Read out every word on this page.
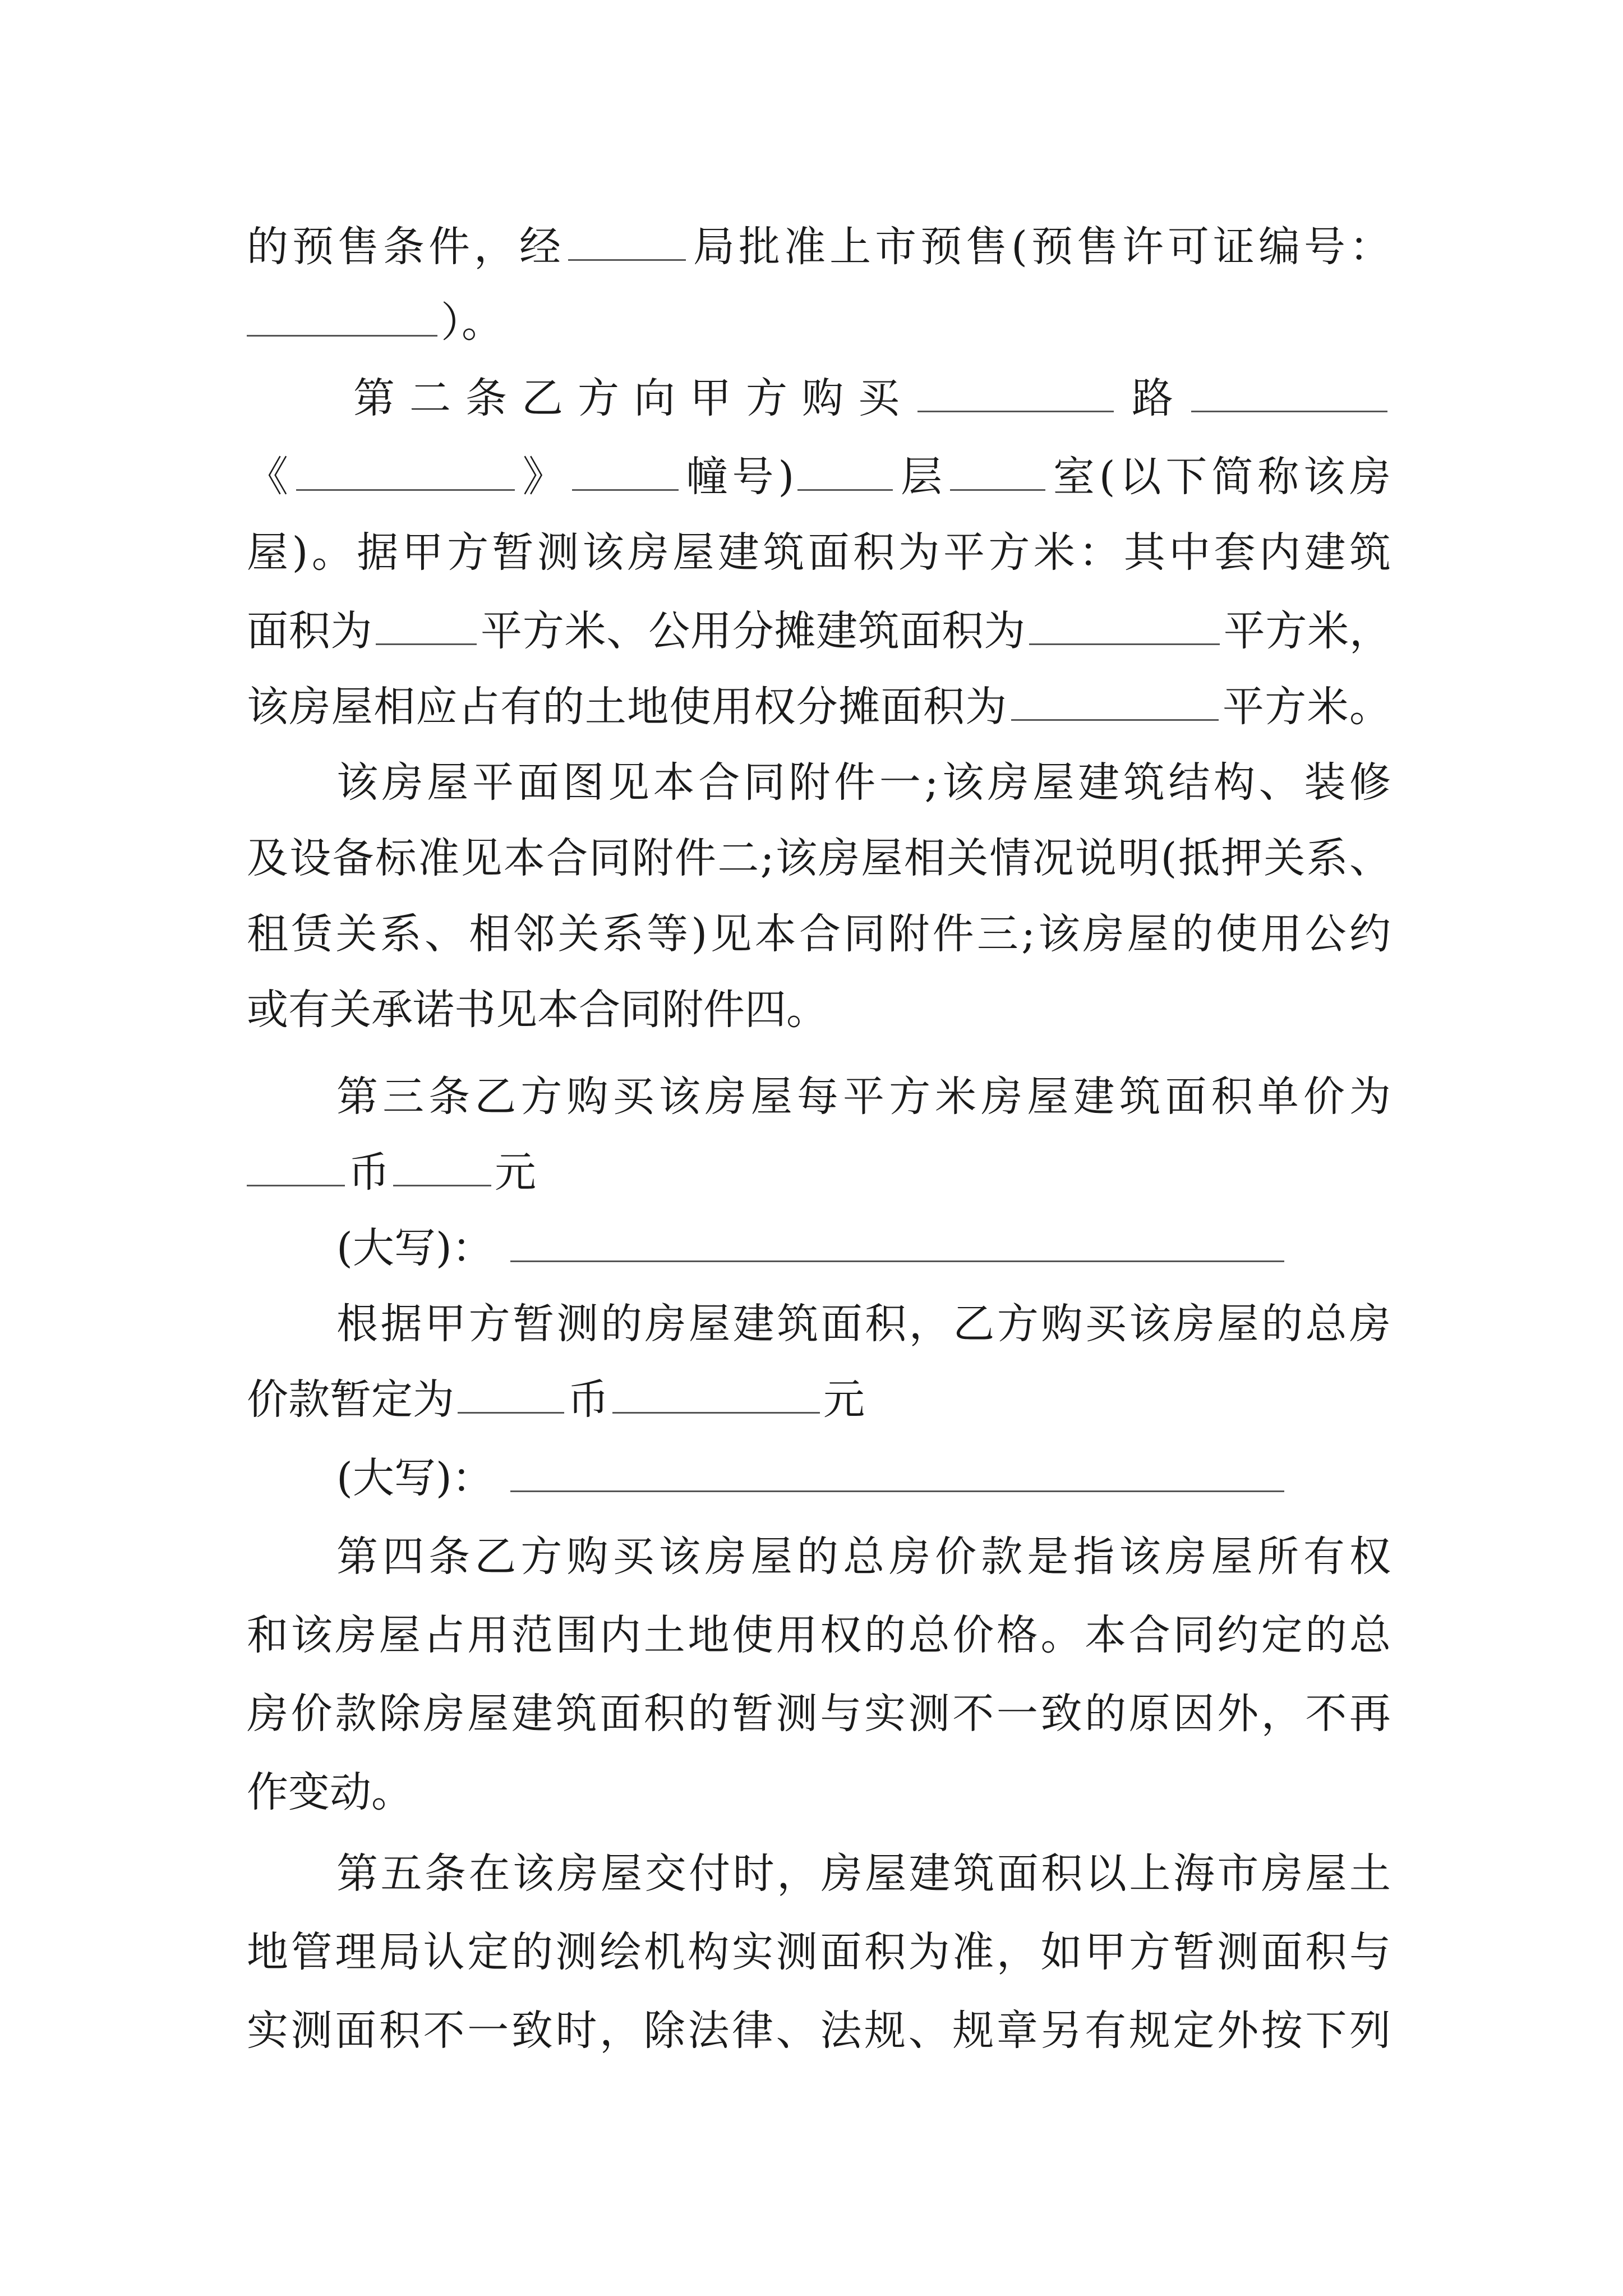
的预售条件，经	局批准上市预售(预售许可证编号：
）。
第二条乙方向甲方购买	路
《	》	幢号) 层 室(以下简称该房
屋)。据甲方暂测该房屋建筑面积为平方米：其中套内建筑
面积为	平方米、公用分摊建筑面积为	平方米，
该房屋相应占有的土地使用权分摊面积为	平方米。
该房屋平面图见本合同附件一;该房屋建筑结构、装修
及设备标准见本合同附件二;该房屋相关情况说明(抵押关系、
租赁关系、相邻关系等)见本合同附件三;该房屋的使用公约
或有关承诺书见本合同附件四。
第三条乙方购买该房屋每平方米房屋建筑面积单价为
币	元
(大写)：
根据甲方暂测的房屋建筑面积，乙方购买该房屋的总房
价款暂定为	币	元
(大写)：
第四条乙方购买该房屋的总房价款是指该房屋所有权
和该房屋占用范围内土地使用权的总价格。本合同约定的总
房价款除房屋建筑面积的暂测与实测不一致的原因外，不再
作变动。
第五条在该房屋交付时，房屋建筑面积以上海市房屋土
地管理局认定的测绘机构实测面积为准，如甲方暂测面积与
实测面积不一致时，除法律、法规、规章另有规定外按下列
